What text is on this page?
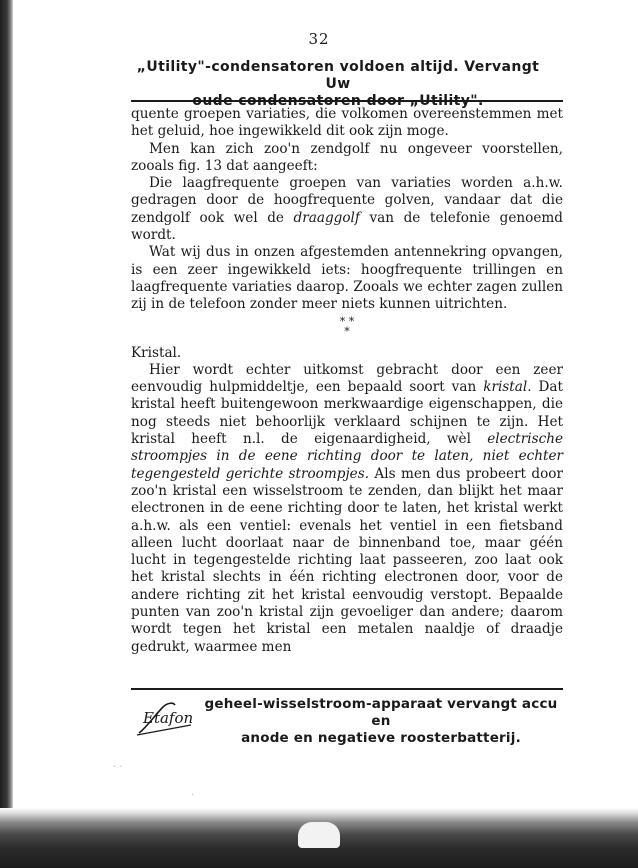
32
„Utility"-condensatoren voldoen altijd. Vervangt Uw
oude condensatoren door „Utility".

quente groepen variaties, die volkomen overeenstemmen met het geluid, hoe ingewikkeld dit ook zijn moge.

Men kan zich zoo'n zendgolf nu ongeveer voorstellen, zooals fig. 13 dat aangeeft:

Die laagfrequente groepen van variaties worden a.h.w. gedragen door de hoogfrequente golven, vandaar dat die zendgolf ook wel de draaggolf van de telefonie genoemd wordt.

Wat wij dus in onzen afgestemden antennekring opvangen, is een zeer ingewikkeld iets: hoogfrequente trillingen en laagfrequente variaties daarop. Zooals we echter zagen zullen zij in de telefoon zonder meer niets kunnen uitrichten.

* *
*

Kristal.

Hier wordt echter uitkomst gebracht door een zeer eenvoudig hulpmiddeltje, een bepaald soort van kristal. Dat kristal heeft buitengewoon merkwaardige eigenschappen, die nog steeds niet behoorlijk verklaard schijnen te zijn. Het kristal heeft n.l. de eigenaardigheid, wèl electrische stroompjes in de eene richting door te laten, niet echter tegengesteld gerichte stroompjes. Als men dus probeert door zoo'n kristal een wisselstroom te zenden, dan blijkt het maar electronen in de eene richting door te laten, het kristal werkt a.h.w. als een ventiel: evenals het ventiel in een fietsband alleen lucht doorlaat naar de binnenband toe, maar géén lucht in tegengestelde richting laat passeeren, zoo laat ook het kristal slechts in één richting electronen door, voor de andere richting zit het kristal eenvoudig verstopt. Bepaalde punten van zoo'n kristal zijn gevoeliger dan andere; daarom wordt tegen het kristal een metalen naaldje of draadje gedrukt, waarmee men

Etafon
geheel-wisselstroom-apparaat vervangt accu en
anode en negatieve roosterbatterij.
· ·
·
